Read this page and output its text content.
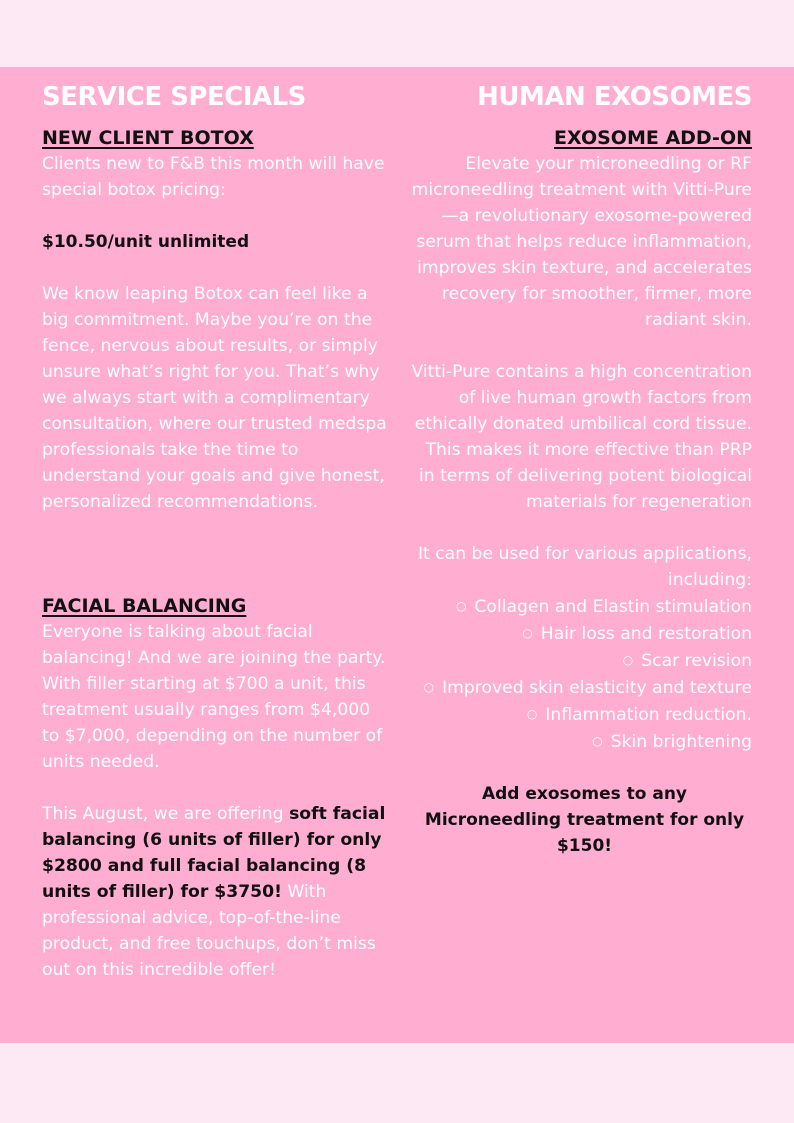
SERVICE SPECIALS
NEW CLIENT BOTOX

Clients new to F&B this month will have special botox pricing:

$10.50/unit unlimited

We know leaping Botox can feel like a big commitment. Maybe you’re on the fence, nervous about results, or simply unsure what’s right for you. That’s why we always start with a complimentary consultation, where our trusted medspa professionals take the time to understand your goals and give honest, personalized recommendations.

FACIAL BALANCING

Everyone is talking about facial balancing! And we are joining the party. With filler starting at $700 a unit, this treatment usually ranges from $4,000 to $7,000, depending on the number of units needed.

This August, we are offering soft facial balancing (6 units of filler) for only $2800 and full facial balancing (8 units of filler) for $3750! With professional advice, top-of-the-line product, and free touchups, don’t miss out on this incredible offer!

HUMAN EXOSOMES
EXOSOME ADD-ON

Elevate your microneedling or RF microneedling treatment with Vitti-Pure—a revolutionary exosome-powered serum that helps reduce inflammation, improves skin texture, and accelerates recovery for smoother, firmer, more radiant skin.

Vitti-Pure contains a high concentration of live human growth factors from ethically donated umbilical cord tissue. This makes it more effective than PRP in terms of delivering potent biological materials for regeneration

It can be used for various applications, including:

○ Collagen and Elastin stimulation
○ Hair loss and restoration
○ Scar revision
○ Improved skin elasticity and texture
○ Inflammation reduction.
○ Skin brightening

Add exosomes to any Microneedling treatment for only $150!
